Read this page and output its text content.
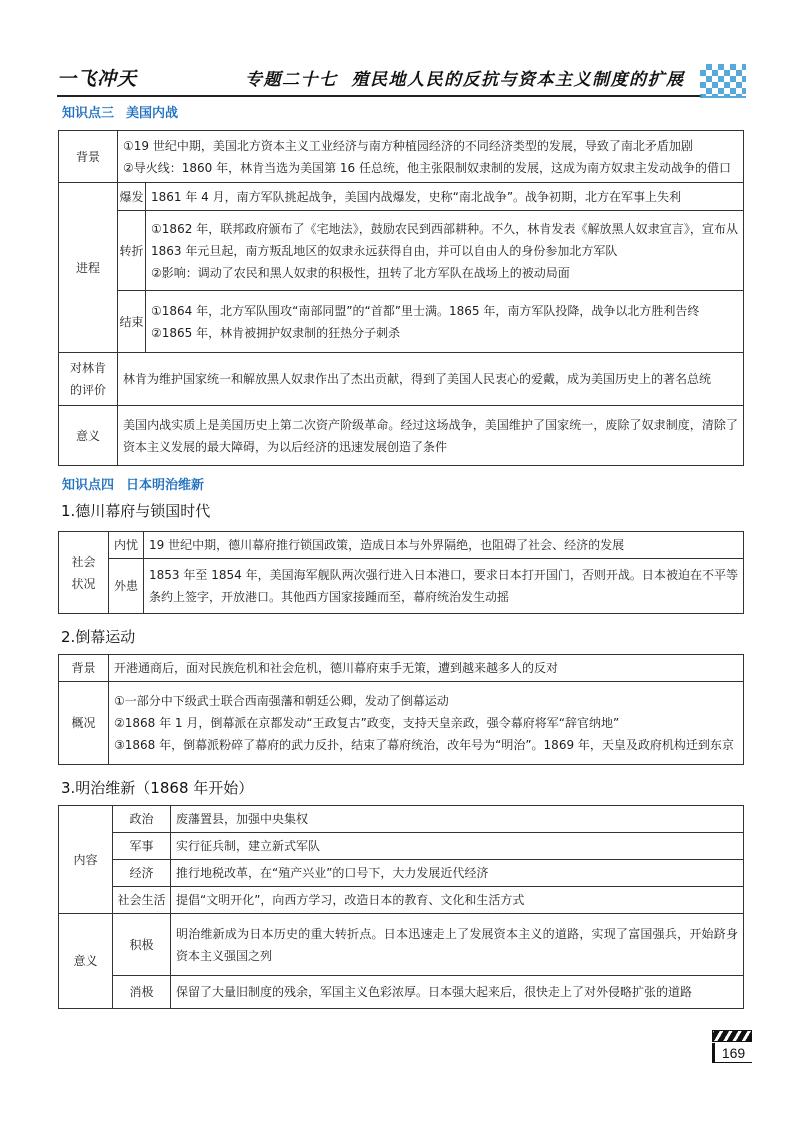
一飞冲天	专题二十七 殖民地人民的反抗与资本主义制度的扩展
知识点三 美国内战
背景	①19 世纪中期，美国北方资本主义工业经济与南方种植园经济的不同经济类型的发展，导致了南北矛盾加剧
②导火线：1860 年，林肯当选为美国第 16 任总统，他主张限制奴隶制的发展，这成为南方奴隶主发动战争的借口	

进程	爆发	1861 年 4 月，南方军队挑起战争，美国内战爆发，史称“南北战争”。战争初期，北方在军事上失利

	转折	①1862 年，联邦政府颁布了《宅地法》，鼓励农民到西部耕种。不久，林肯发表《解放黑人奴隶宣言》，宣布从 1863 年元旦起，南方叛乱地区的奴隶永远获得自由，并可以自由人的身份参加北方军队
②影响：调动了农民和黑人奴隶的积极性，扭转了北方军队在战场上的被动局面

	结束	①1864 年，北方军队围攻“南部同盟”的“首都”里士满。1865 年，南方军队投降，战争以北方胜利告终
②1865 年，林肯被拥护奴隶制的狂热分子刺杀

对林肯
的评价	林肯为维护国家统一和解放黑人奴隶作出了杰出贡献，得到了美国人民衷心的爱戴，成为美国历史上的著名总统	
意义	美国内战实质上是美国历史上第二次资产阶级革命。经过这场战争，美国维护了国家统一，废除了奴隶制度，清除了资本主义发展的最大障碍，为以后经济的迅速发展创造了条件	
知识点四 日本明治维新
1.德川幕府与锁国时代
社会
状况	内忧	19 世纪中期，德川幕府推行锁国政策，造成日本与外界隔绝，也阻碍了社会、经济的发展
	外患	1853 年至 1854 年，美国海军舰队两次强行进入日本港口，要求日本打开国门，否则开战。日本被迫在不平等条约上签字，开放港口。其他西方国家接踵而至，幕府统治发生动摇
2.倒幕运动
背景	开港通商后，面对民族危机和社会危机，德川幕府束手无策，遭到越来越多人的反对
概况	①一部分中下级武士联合西南强藩和朝廷公卿，发动了倒幕运动
②1868 年 1 月，倒幕派在京都发动“王政复古”政变，支持天皇亲政，强令幕府将军“辞官纳地”
③1868 年，倒幕派粉碎了幕府的武力反扑，结束了幕府统治，改年号为“明治”。1869 年，天皇及政府机构迁到东京
3.明治维新（1868 年开始）
内容	政治	废藩置县，加强中央集权
	军事	实行征兵制，建立新式军队
	经济	推行地税改革，在“殖产兴业”的口号下，大力发展近代经济
	社会生活	提倡“文明开化”，向西方学习，改造日本的教育、文化和生活方式
意义	积极	明治维新成为日本历史的重大转折点。日本迅速走上了发展资本主义的道路，实现了富国强兵，开始跻身资本主义强国之列
	消极	保留了大量旧制度的残余，军国主义色彩浓厚。日本强大起来后，很快走上了对外侵略扩张的道路
169
